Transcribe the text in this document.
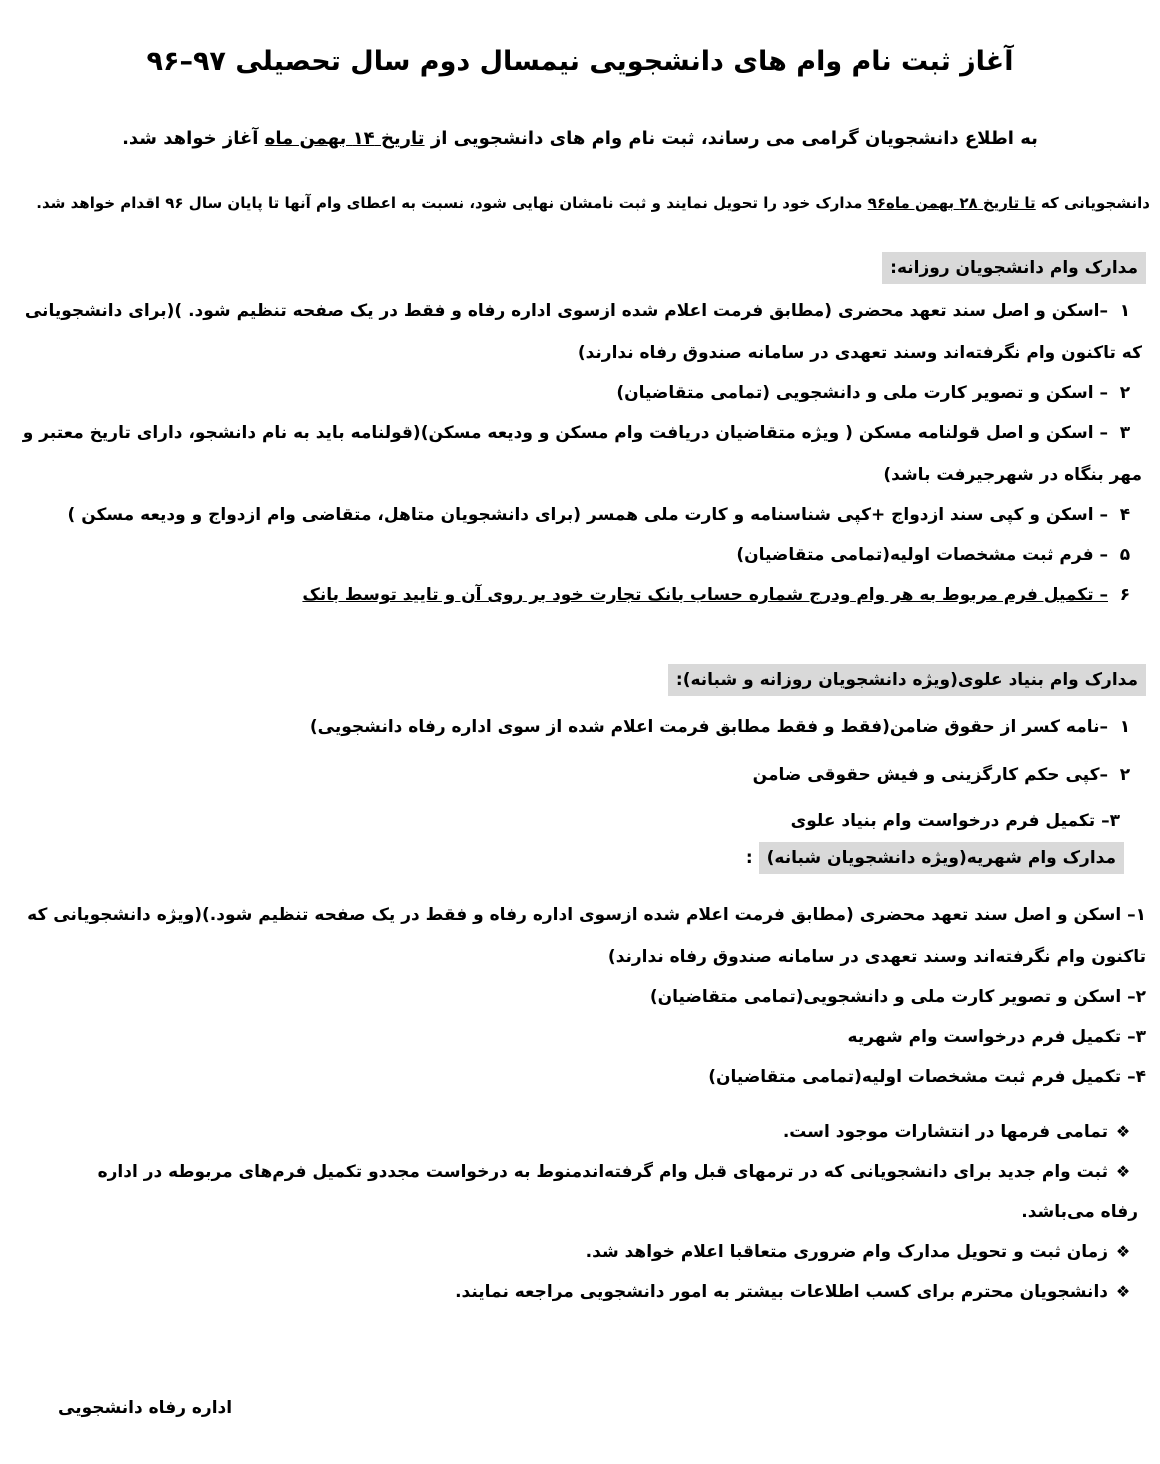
آغاز ثبت نام وام های دانشجویی نیمسال دوم سال تحصیلی ۹۷–۹۶
به اطلاع دانشجویان گرامی می رساند، ثبت نام وام های دانشجویی از تاریخ ۱۴ بهمن ماه آغاز خواهد شد.
دانشجویانی که تا تاریخ ۲۸ بهمن ماه۹۶ مدارک خود را تحویل نمایند و ثبت نامشان نهایی شود، نسبت به اعطای وام آنها تا پایان سال ۹۶ اقدام خواهد شد.
مدارک وام دانشجویان روزانه:
۱–اسکن و اصل سند تعهد محضری (مطابق فرمت اعلام شده ازسوی اداره رفاه و فقط در یک صفحه تنظیم شود. )(برای دانشجویانی که تاکنون وام نگرفته‌اند وسند تعهدی در سامانه صندوق رفاه ندارند)
۲– اسکن و تصویر کارت ملی و دانشجویی (تمامی متقاضیان)
۳– اسکن و اصل قولنامه مسکن ( ویژه متقاضیان دریافت وام مسکن و ودیعه مسکن)(قولنامه باید به نام دانشجو، دارای تاریخ معتبر و مهر بنگاه در شهرجیرفت باشد)
۴– اسکن و کپی سند ازدواج +کپی شناسنامه و کارت ملی همسر (برای دانشجویان متاهل، متقاضی وام ازدواج و ودیعه مسکن )
۵– فرم ثبت مشخصات اولیه(تمامی متقاضیان)
۶– تکمیل فرم مربوط به هر وام ودرج شماره حساب بانک تجارت خود بر روی آن و تایید توسط بانک
مدارک وام بنیاد علوی(ویژه دانشجویان روزانه و شبانه):
۱–نامه کسر از حقوق ضامن(فقط و فقط مطابق فرمت اعلام شده از سوی اداره رفاه دانشجویی)
۲–کپی حکم کارگزینی و فیش حقوقی ضامن
۳– تکمیل فرم درخواست وام بنیاد علوی
مدارک وام شهریه(ویژه دانشجویان شبانه) :
۱– اسکن و اصل سند تعهد محضری (مطابق فرمت اعلام شده ازسوی اداره رفاه و فقط در یک صفحه تنظیم شود.)(ویژه دانشجویانی که تاکنون وام نگرفته‌اند وسند تعهدی در سامانه صندوق رفاه ندارند)
۲– اسکن و تصویر کارت ملی و دانشجویی(تمامی متقاضیان)
۳– تکمیل فرم درخواست وام شهریه
۴– تکمیل فرم ثبت مشخصات اولیه(تمامی متقاضیان)
❖تمامی فرمها در انتشارات موجود است.
❖ثبت وام جدید برای دانشجویانی که در ترمهای قبل وام گرفته‌اندمنوط به درخواست مجددو تکمیل فرم‌های مربوطه در اداره رفاه می‌باشد.
❖زمان ثبت و تحویل مدارک وام ضروری متعاقبا اعلام خواهد شد.
❖دانشجویان محترم برای کسب اطلاعات بیشتر به امور دانشجویی مراجعه نمایند.
اداره رفاه دانشجویی
